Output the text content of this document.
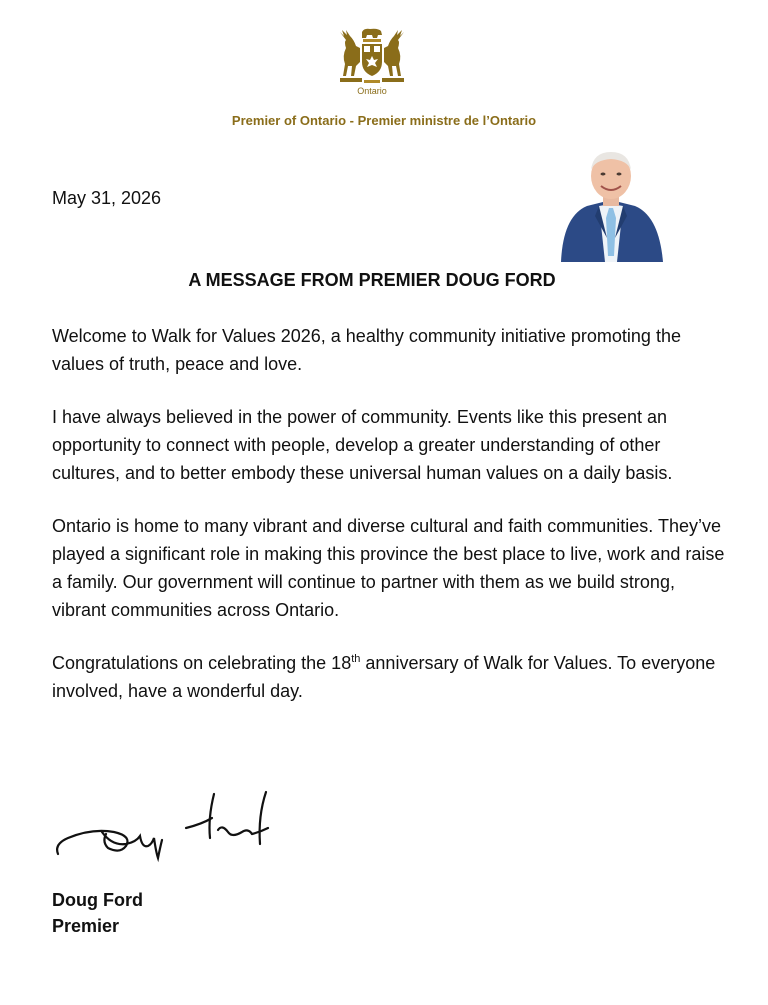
Ontario
Premier of Ontario - Premier ministre de l’Ontario
May 31, 2026
A MESSAGE FROM PREMIER DOUG FORD

Welcome to Walk for Values 2026, a healthy community initiative promoting the values of truth, peace and love.

I have always believed in the power of community. Events like this present an opportunity to connect with people, develop a greater understanding of other cultures, and to better embody these universal human values on a daily basis.

Ontario is home to many vibrant and diverse cultural and faith communities. They’ve played a significant role in making this province the best place to live, work and raise a family. Our government will continue to partner with them as we build strong, vibrant communities across Ontario.

Congratulations on celebrating the 18th anniversary of Walk for Values. To everyone involved, have a wonderful day.

Doug Ford
Premier
